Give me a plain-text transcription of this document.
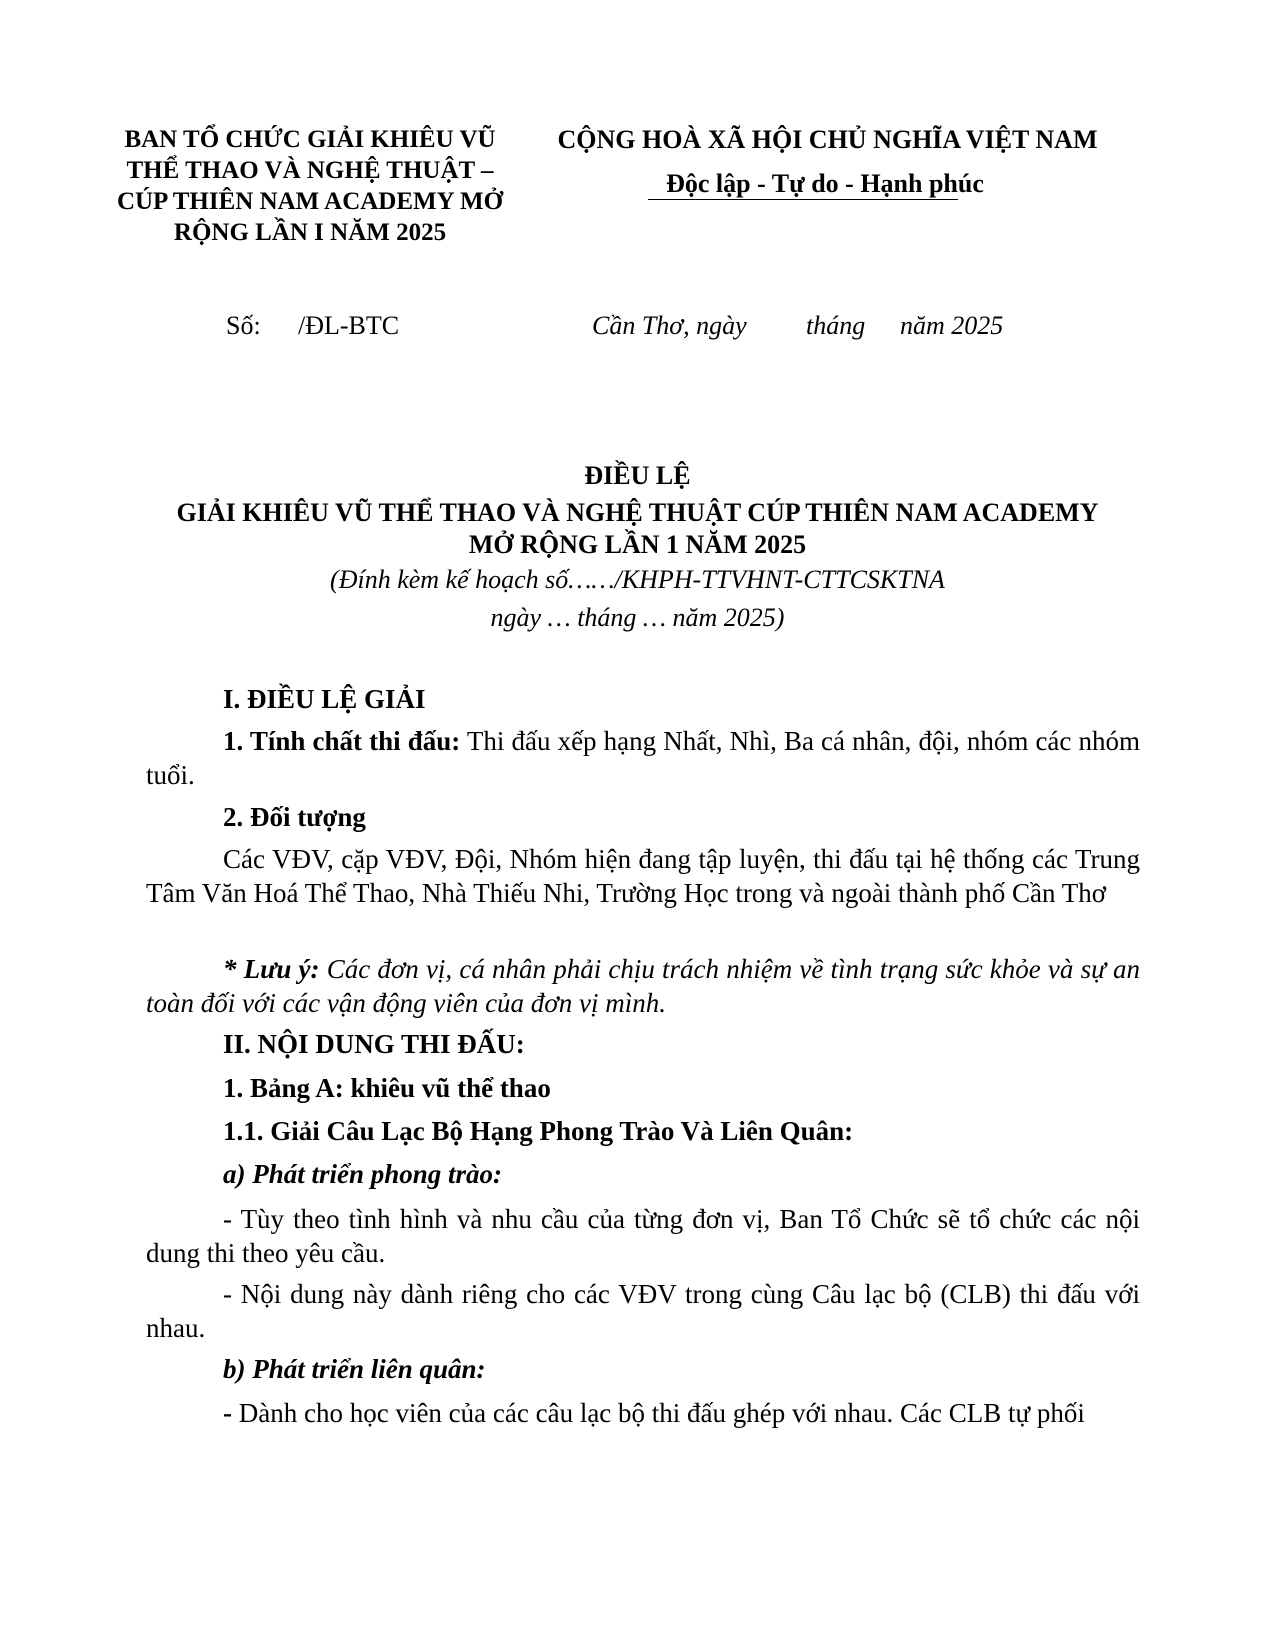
BAN TỔ CHỨC GIẢI KHIÊU VŨ
THỂ THAO VÀ NGHỆ THUẬT –
CÚP THIÊN NAM ACADEMY MỞ
RỘNG LẦN I NĂM 2025
CỘNG HOÀ XÃ HỘI CHỦ NGHĨA VIỆT NAM
Độc lập - Tự do - Hạnh phúc
Số: /ĐL-BTC	Cần Thơ, ngày tháng năm 2025
ĐIỀU LỆ
GIẢI KHIÊU VŨ THỂ THAO VÀ NGHỆ THUẬT CÚP THIÊN NAM ACADEMY
MỞ RỘNG LẦN 1 NĂM 2025
(Đính kèm kế hoạch số……/KHPH-TTVHNT-CTTCSKTNA
ngày … tháng … năm 2025)
I. ĐIỀU LỆ GIẢI
1. Tính chất thi đấu: Thi đấu xếp hạng Nhất, Nhì, Ba cá nhân, đội, nhóm các nhóm tuổi.
2. Đối tượng
Các VĐV, cặp VĐV, Đội, Nhóm hiện đang tập luyện, thi đấu tại hệ thống các Trung Tâm Văn Hoá Thể Thao, Nhà Thiếu Nhi, Trường Học trong và ngoài thành phố Cần Thơ
* Lưu ý: Các đơn vị, cá nhân phải chịu trách nhiệm về tình trạng sức khỏe và sự an toàn đối với các vận động viên của đơn vị mình.
II. NỘI DUNG THI ĐẤU:
1. Bảng A: khiêu vũ thể thao
1.1. Giải Câu Lạc Bộ Hạng Phong Trào Và Liên Quân:
a) Phát triển phong trào:
- Tùy theo tình hình và nhu cầu của từng đơn vị, Ban Tổ Chức sẽ tổ chức các nội dung thi theo yêu cầu.
- Nội dung này dành riêng cho các VĐV trong cùng Câu lạc bộ (CLB) thi đấu với nhau.
b) Phát triển liên quân:
- Dành cho học viên của các câu lạc bộ thi đấu ghép với nhau. Các CLB tự phối
